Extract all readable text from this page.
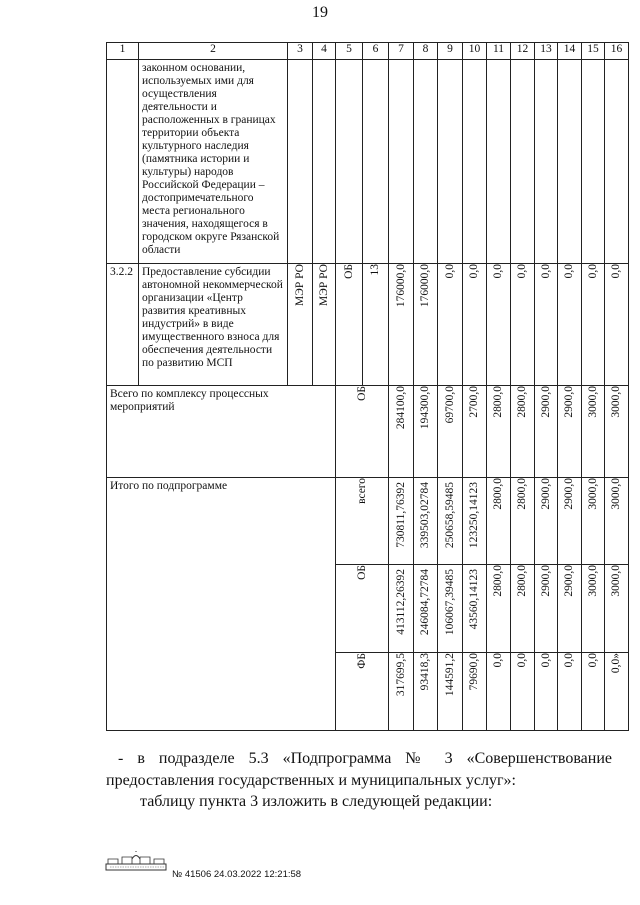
19
1	2	3	4	5	6	7	8	9	10	11	12	13	14	15	16
	законном основании, используемых ими для осуществления деятельности и расположенных в границах территории объекта культурного наследия (памятника истории и культуры) народов Российской Федерации – достопримечательного места регионального значения, находящегося в городском округе Рязанской области														
3.2.2	Предоставление субсидии автономной некоммерческой организации «Центр развития креативных индустрий» в виде имущественного взноса для обеспечения деятельности по развитию МСП	МЭР РО	МЭР РО	ОБ	13	176000,0	176000,0	0,0	0,0	0,0	0,0	0,0	0,0	0,0	0,0

Всего по комплексу процессных мероприятий				ОБ		284100,0	194300,0	69700,0	2700,0	2800,0	2800,0	2900,0	2900,0	3000,0	3000,0

Итого по подпрограмме				всего		730811,76392	339503,02784	250658,59485	123250,14123	2800,0	2800,0	2900,0	2900,0	3000,0	3000,0

				ОБ		413112,26392	246084,72784	106067,39485	43560,14123	2800,0	2800,0	2900,0	2900,0	3000,0	3000,0

				ФБ		317699,5	93418,3	144591,2	79690,0	0,0	0,0	0,0	0,0	0,0	0,0»
- в подразделе 5.3 «Подпрограмма № 3 «Совершенствование предоставления государственных и муниципальных услуг»:
таблицу пункта 3 изложить в следующей редакции:
№ 41506 24.03.2022 12:21:58
